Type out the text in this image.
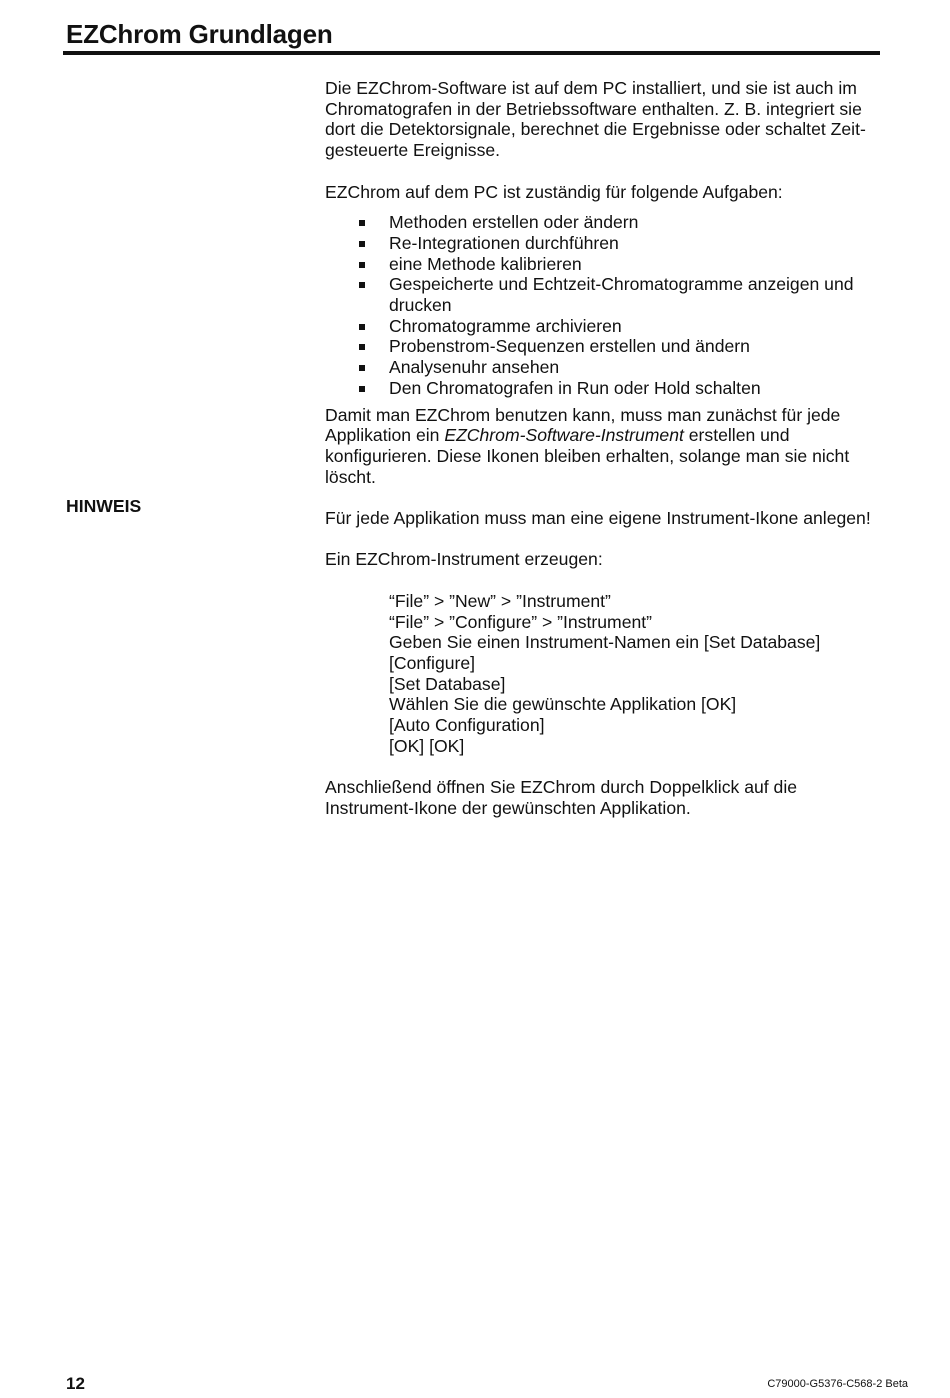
EZChrom Grundlagen
HINWEIS

Die EZChrom-Software ist auf dem PC installiert, und sie ist auch im Chromatografen in der Betriebssoftware enthalten. Z. B. integriert sie dort die Detektorsignale, berechnet die Ergebnisse oder schaltet Zeit-gesteuerte Ereignisse.

EZChrom auf dem PC ist zuständig für folgende Aufgaben:

Methoden erstellen oder ändern
Re-Integrationen durchführen
eine Methode kalibrieren
Gespeicherte und Echtzeit-Chromatogramme anzeigen und drucken
Chromatogramme archivieren
Probenstrom-Sequenzen erstellen und ändern
Analysenuhr ansehen
Den Chromatografen in Run oder Hold schalten

Damit man EZChrom benutzen kann, muss man zunächst für jede Applikation ein EZChrom-Software-Instrument erstellen und konfigurieren. Diese Ikonen bleiben erhalten, solange man sie nicht löscht.

Für jede Applikation muss man eine eigene Instrument-Ikone anlegen!

Ein EZChrom-Instrument erzeugen:

“File” > ”New” > ”Instrument”
“File” > ”Configure” > ”Instrument”
Geben Sie einen Instrument-Namen ein [Set Database]
[Configure]
[Set Database]
Wählen Sie die gewünschte Applikation [OK]
[Auto Configuration]
[OK] [OK]

Anschließend öffnen Sie EZChrom durch Doppelklick auf die Instrument-Ikone der gewünschten Applikation.

12	C79000-G5376-C568-2 Beta
